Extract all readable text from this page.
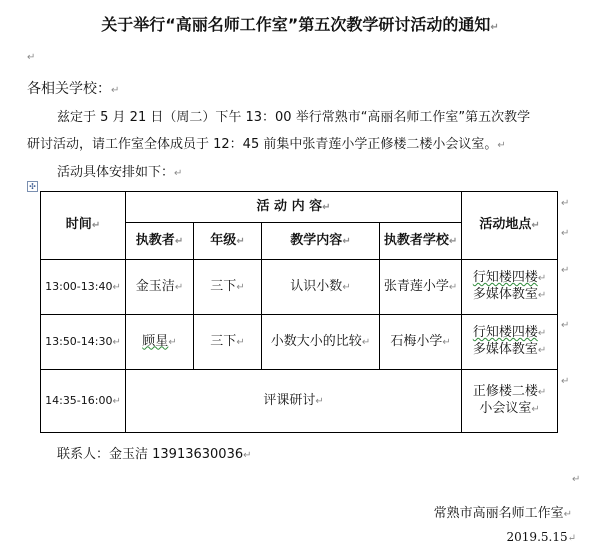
关于举行“高丽名师工作室”第五次教学研讨活动的通知↵
↵
各相关学校：↵
兹定于 5 月 21 日（周二）下午 13：00 举行常熟市“高丽名师工作室”第五次教学
研讨活动，请工作室全体成员于 12：45 前集中张青莲小学正修楼二楼小会议室。↵
活动具体安排如下：↵
✣
时间↵	活 动 内 容↵				活动地点↵
	执教者↵	年级↵	教学内容↵	执教者学校↵	
13:00-13:40↵	金玉洁↵	三下↵	认识小数↵	张青莲小学↵	行知楼四楼↵
多媒体教室↵
13:50-14:30↵	顾星↵	三下↵	小数大小的比较↵	石梅小学↵	行知楼四楼↵
多媒体教室↵
14:35-16:00↵	评课研讨↵				正修楼二楼↵
小会议室↵
↵
↵
↵
↵
↵
联系人：金玉洁 13913630036↵
↵
常熟市高丽名师工作室↵
2019.5.15↵
